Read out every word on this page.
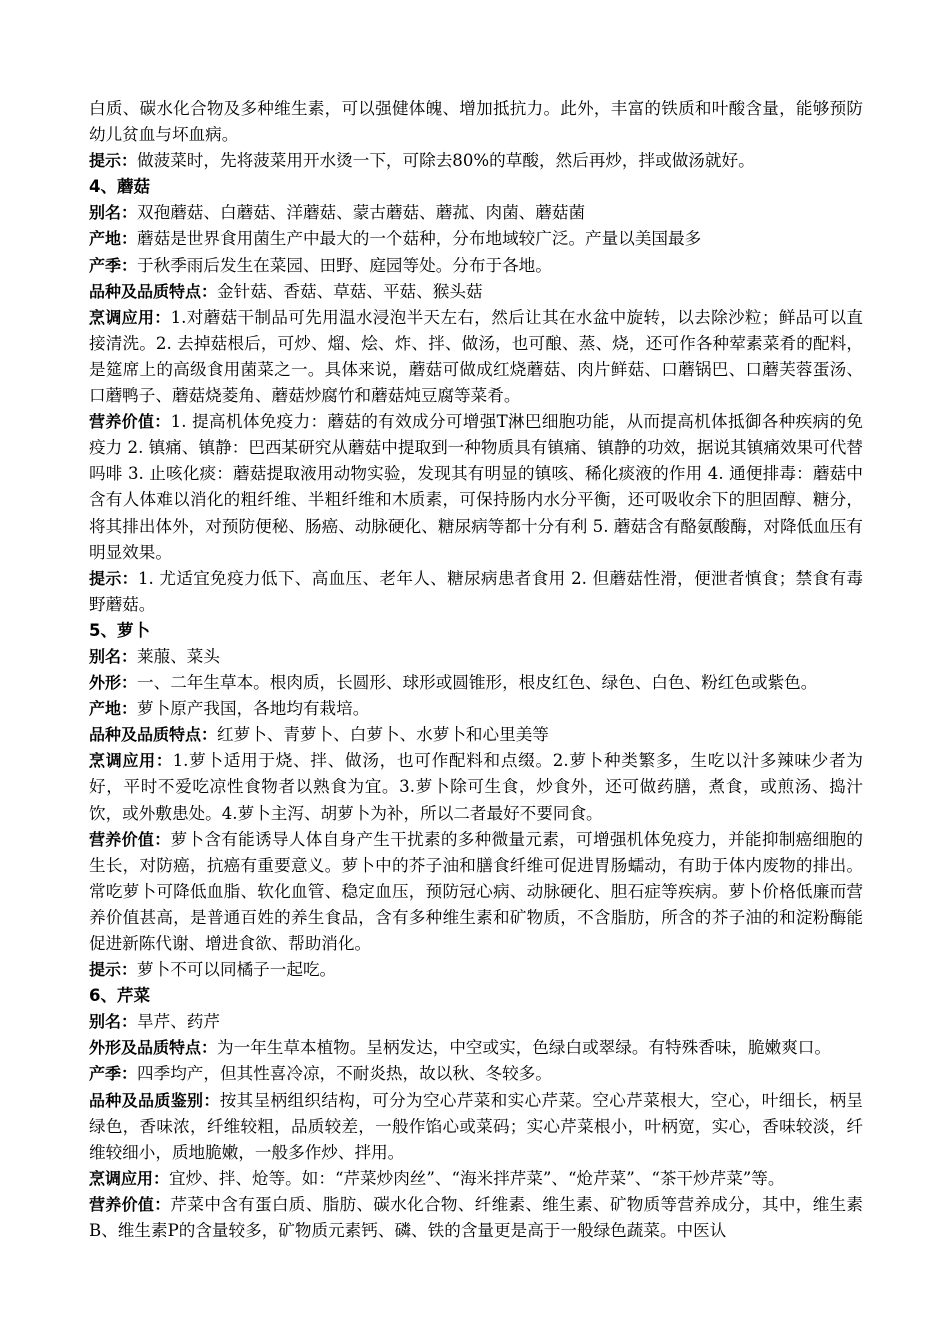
白质、碳水化合物及多种维生素，可以强健体魄、增加抵抗力。此外，丰富的铁质和叶酸含量，能够预防幼儿贫血与坏血病。

提示：做菠菜时，先将菠菜用开水烫一下，可除去80%的草酸，然后再炒，拌或做汤就好。

4、蘑菇

别名：双孢蘑菇、白蘑菇、洋蘑菇、蒙古蘑菇、蘑菰、肉菌、蘑菇菌

产地：蘑菇是世界食用菌生产中最大的一个菇种，分布地域较广泛。产量以美国最多

产季：于秋季雨后发生在菜园、田野、庭园等处。分布于各地。

品种及品质特点：金针菇、香菇、草菇、平菇、猴头菇

烹调应用：1.对蘑菇干制品可先用温水浸泡半天左右，然后让其在水盆中旋转，以去除沙粒；鲜品可以直接清洗。2. 去掉菇根后，可炒、熘、烩、炸、拌、做汤，也可酿、蒸、烧，还可作各种荤素菜肴的配料，是筵席上的高级食用菌菜之一。具体来说，蘑菇可做成红烧蘑菇、肉片鲜菇、口蘑锅巴、口蘑芙蓉蛋汤、口蘑鸭子、蘑菇烧菱角、蘑菇炒腐竹和蘑菇炖豆腐等菜肴。

营养价值：1. 提高机体免疫力：蘑菇的有效成分可增强T淋巴细胞功能，从而提高机体抵御各种疾病的免疫力 2. 镇痛、镇静：巴西某研究从蘑菇中提取到一种物质具有镇痛、镇静的功效，据说其镇痛效果可代替吗啡 3. 止咳化痰：蘑菇提取液用动物实验，发现其有明显的镇咳、稀化痰液的作用 4. 通便排毒：蘑菇中含有人体难以消化的粗纤维、半粗纤维和木质素，可保持肠内水分平衡，还可吸收余下的胆固醇、糖分，将其排出体外，对预防便秘、肠癌、动脉硬化、糖尿病等都十分有利 5. 蘑菇含有酪氨酸酶，对降低血压有明显效果。

提示：1. 尤适宜免疫力低下、高血压、老年人、糖尿病患者食用 2. 但蘑菇性滑，便泄者慎食；禁食有毒野蘑菇。

5、萝卜

别名：莱菔、菜头

外形：一、二年生草本。根肉质，长圆形、球形或圆锥形，根皮红色、绿色、白色、粉红色或紫色。

产地：萝卜原产我国，各地均有栽培。

品种及品质特点：红萝卜、青萝卜、白萝卜、水萝卜和心里美等

烹调应用：1.萝卜适用于烧、拌、做汤，也可作配料和点缀。2.萝卜种类繁多，生吃以汁多辣味少者为好，平时不爱吃凉性食物者以熟食为宜。3.萝卜除可生食，炒食外，还可做药膳，煮食，或煎汤、捣汁饮，或外敷患处。4.萝卜主泻、胡萝卜为补，所以二者最好不要同食。

营养价值：萝卜含有能诱导人体自身产生干扰素的多种微量元素，可增强机体免疫力，并能抑制癌细胞的生长，对防癌，抗癌有重要意义。萝卜中的芥子油和膳食纤维可促进胃肠蠕动，有助于体内废物的排出。常吃萝卜可降低血脂、软化血管、稳定血压，预防冠心病、动脉硬化、胆石症等疾病。萝卜价格低廉而营养价值甚高，是普通百姓的养生食品，含有多种维生素和矿物质，不含脂肪，所含的芥子油的和淀粉酶能促进新陈代谢、增进食欲、帮助消化。

提示：萝卜不可以同橘子一起吃。

6、芹菜

别名：旱芹、药芹

外形及品质特点：为一年生草本植物。呈柄发达，中空或实，色绿白或翠绿。有特殊香味，脆嫩爽口。

产季：四季均产，但其性喜冷凉，不耐炎热，故以秋、冬较多。

品种及品质鉴别：按其呈柄组织结构，可分为空心芹菜和实心芹菜。空心芹菜根大，空心，叶细长，柄呈绿色，香味浓，纤维较粗，品质较差，一般作馅心或菜码；实心芹菜根小，叶柄宽，实心，香味较淡，纤维较细小，质地脆嫩，一般多作炒、拌用。

烹调应用：宜炒、拌、炝等。如：“芹菜炒肉丝”、“海米拌芹菜”、“炝芹菜”、“茶干炒芹菜”等。

营养价值：芹菜中含有蛋白质、脂肪、碳水化合物、纤维素、维生素、矿物质等营养成分，其中，维生素B、维生素P的含量较多，矿物质元素钙、磷、铁的含量更是高于一般绿色蔬菜。中医认
